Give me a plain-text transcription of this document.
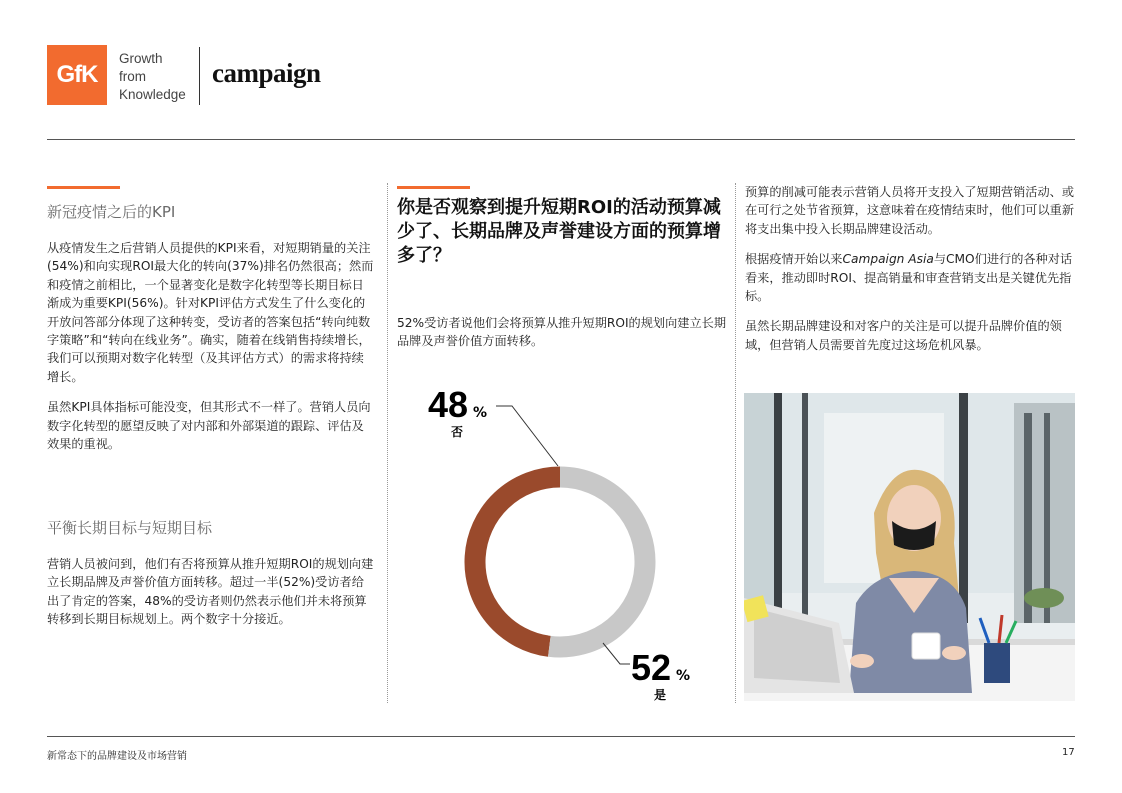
GfK
Growth
from
Knowledge
campaign
新冠疫情之后的KPI

从疫情发生之后营销人员提供的KPI来看，对短期销量的关注(54%)和向实现ROI最大化的转向(37%)排名仍然很高；然而和疫情之前相比，一个显著变化是数字化转型等长期目标日渐成为重要KPI(56%)。针对KPI评估方式发生了什么变化的开放问答部分体现了这种转变，受访者的答案包括“转向纯数字策略”和“转向在线业务”。确实，随着在线销售持续增长，我们可以预期对数字化转型（及其评估方式）的需求将持续增长。

虽然KPI具体指标可能没变，但其形式不一样了。营销人员向数字化转型的愿望反映了对内部和外部渠道的跟踪、评估及效果的重视。

平衡长期目标与短期目标

营销人员被问到，他们有否将预算从推升短期ROI的规划向建立长期品牌及声誉价值方面转移。超过一半(52%)受访者给出了肯定的答案，48%的受访者则仍然表示他们并未将预算转移到长期目标规划上。两个数字十分接近。

你是否观察到提升短期ROI的活动预算减少了、长期品牌及声誉建设方面的预算增多了？
52%受访者说他们会将预算从推升短期ROI的规划向建立长期品牌及声誉价值方面转移。
48 %
否
52 %
是

预算的削减可能表示营销人员将开支投入了短期营销活动、或在可行之处节省预算，这意味着在疫情结束时，他们可以重新将支出集中投入长期品牌建设活动。

根据疫情开始以来Campaign Asia与CMO们进行的各种对话看来，推动即时ROI、提高销量和审查营销支出是关键优先指标。

虽然长期品牌建设和对客户的关注是可以提升品牌价值的领域，但营销人员需要首先度过这场危机风暴。

新常态下的品牌建设及市场营销	17
